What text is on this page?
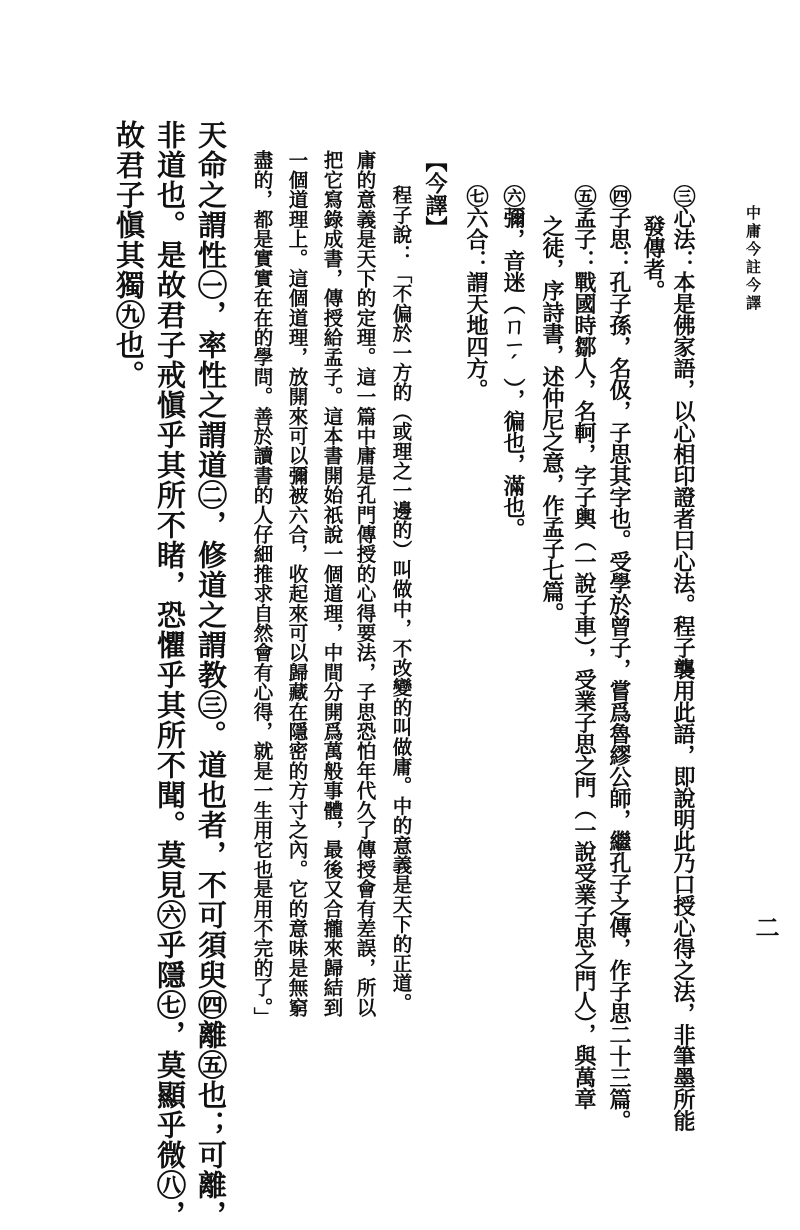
中庸今註今譯
二
㊂心法：本是佛家語，以心相印證者曰心法。程子襲用此語，即說明此乃口授心得之法，非筆墨所能
發傳者。
㊃子思：孔子孫，名伋，子思其字也。受學於曾子，嘗爲魯繆公師，繼孔子之傳，作子思二十三篇。
㊄孟子：戰國時鄒人，名軻，字子輿（一說子車），受業子思之門（一說受業子思之門人），與萬章
之徒，序詩書，述仲尼之意，作孟子七篇。
㊅彌，音迷（ㄇㄧˊ），徧也，滿也。
㊆六合：謂天地四方。
【今譯】
程子說：「不偏於一方的（或理之一邊的）叫做中，不改變的叫做庸。中的意義是天下的正道。
庸的意義是天下的定理。這一篇中庸是孔門傳授的心得要法，子思恐怕年代久了傳授會有差誤，所以
把它寫錄成書，傳授給孟子。這本書開始祇說一個道理，中間分開爲萬般事體，最後又合攏來歸結到
一個道理上。這個道理，放開來可以彌被六合，收起來可以歸藏在隱密的方寸之內。它的意味是無窮
盡的，都是實實在在的學問。善於讀書的人仔細推求自然會有心得，就是一生用它也是用不完的了。」
天命之謂性㊀，率性之謂道㊁，修道之謂教㊂。道也者，不可須臾㊃離㊄也；可離，
非道也。是故君子戒愼乎其所不睹，恐懼乎其所不聞。莫見㊅乎隱㊆，莫顯乎微㊇，
故君子愼其獨㊈也。
